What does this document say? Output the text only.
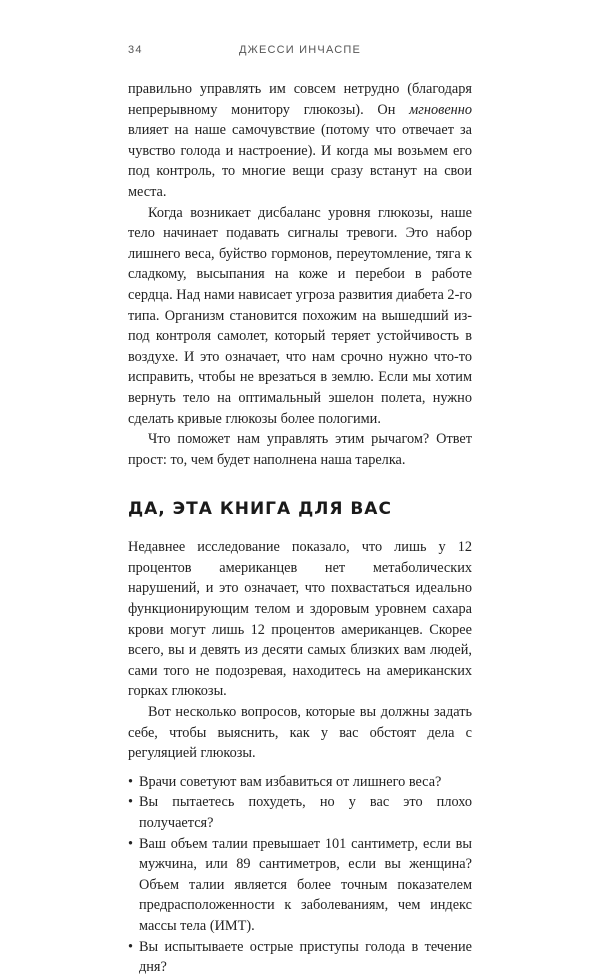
34	ДЖЕССИ ИНЧАСПЕ

правильно управлять им совсем нетрудно (благодаря непрерывному монитору глюкозы). Он мгновенно влияет на наше самочувствие (потому что отвечает за чувство голода и настроение). И когда мы возьмем его под контроль, то многие вещи сразу встанут на свои места.

Когда возникает дисбаланс уровня глюкозы, наше тело начинает подавать сигналы тревоги. Это набор лишнего веса, буйство гормонов, переутомление, тяга к сладкому, высыпания на коже и перебои в работе сердца. Над нами нависает угроза развития диабета 2-го типа. Организм становится похожим на вышедший из-под контроля самолет, который теряет устойчивость в воздухе. И это означает, что нам срочно нужно что-то исправить, чтобы не врезаться в землю. Если мы хотим вернуть тело на оптимальный эшелон полета, нужно сделать кривые глюкозы более пологими.

Что поможет нам управлять этим рычагом? Ответ прост: то, чем будет наполнена наша тарелка.

ДА, ЭТА КНИГА ДЛЯ ВАС

Недавнее исследование показало, что лишь у 12 процентов американцев нет метаболических нарушений, и это означает, что похвастаться идеально функционирующим телом и здоровым уровнем сахара крови могут лишь 12 процентов американцев. Скорее всего, вы и девять из десяти самых близких вам людей, сами того не подозревая, находитесь на американских горках глюкозы.

Вот несколько вопросов, которые вы должны задать себе, чтобы выяснить, как у вас обстоят дела с регуляцией глюкозы.

• Врачи советуют вам избавиться от лишнего веса?
• Вы пытаетесь похудеть, но у вас это плохо получается?
• Ваш объем талии превышает 101 сантиметр, если вы мужчина, или 89 сантиметров, если вы женщина? Объем талии является более точным показателем предрасположенности к заболеваниям, чем индекс массы тела (ИМТ).
• Вы испытываете острые приступы голода в течение дня?
